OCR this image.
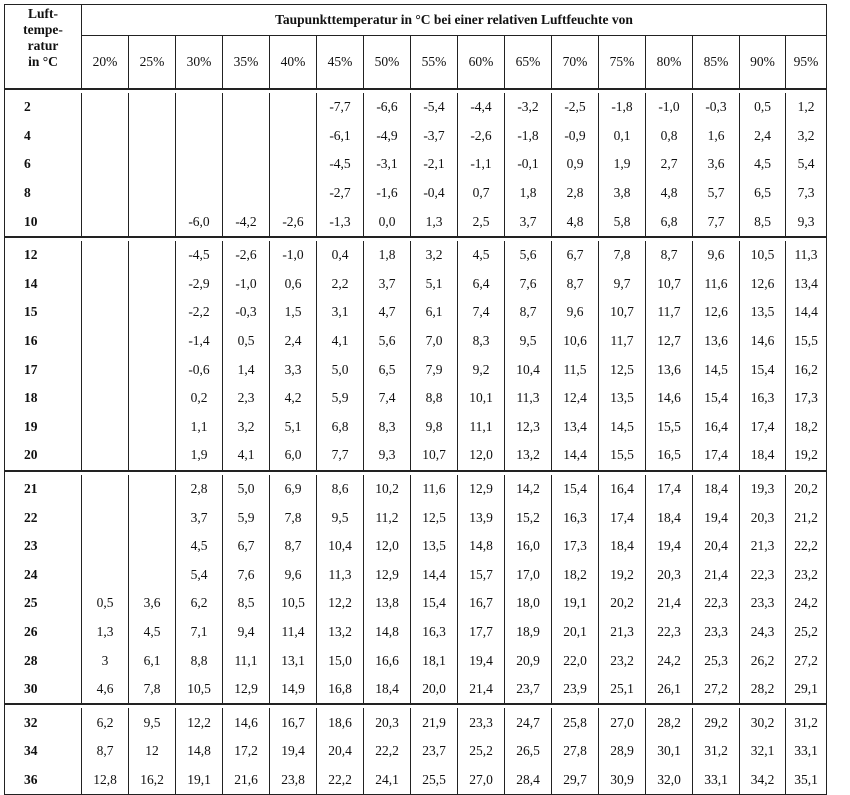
Luft-
tempe-
ratur
in °C	Taupunkttemperatur in °C bei einer relativen Luftfeuchte von															
	20%	25%	30%	35%	40%	45%	50%	55%	60%	65%	70%	75%	80%	85%	90%	95%

2						-7,7	-6,6	-5,4	-4,4	-3,2	-2,5	-1,8	-1,0	-0,3	0,5	1,2
4						-6,1	-4,9	-3,7	-2,6	-1,8	-0,9	0,1	0,8	1,6	2,4	3,2
6						-4,5	-3,1	-2,1	-1,1	-0,1	0,9	1,9	2,7	3,6	4,5	5,4
8						-2,7	-1,6	-0,4	0,7	1,8	2,8	3,8	4,8	5,7	6,5	7,3
10			-6,0	-4,2	-2,6	-1,3	0,0	1,3	2,5	3,7	4,8	5,8	6,8	7,7	8,5	9,3

12			-4,5	-2,6	-1,0	0,4	1,8	3,2	4,5	5,6	6,7	7,8	8,7	9,6	10,5	11,3
14			-2,9	-1,0	0,6	2,2	3,7	5,1	6,4	7,6	8,7	9,7	10,7	11,6	12,6	13,4
15			-2,2	-0,3	1,5	3,1	4,7	6,1	7,4	8,7	9,6	10,7	11,7	12,6	13,5	14,4
16			-1,4	0,5	2,4	4,1	5,6	7,0	8,3	9,5	10,6	11,7	12,7	13,6	14,6	15,5
17			-0,6	1,4	3,3	5,0	6,5	7,9	9,2	10,4	11,5	12,5	13,6	14,5	15,4	16,2
18			0,2	2,3	4,2	5,9	7,4	8,8	10,1	11,3	12,4	13,5	14,6	15,4	16,3	17,3
19			1,1	3,2	5,1	6,8	8,3	9,8	11,1	12,3	13,4	14,5	15,5	16,4	17,4	18,2
20			1,9	4,1	6,0	7,7	9,3	10,7	12,0	13,2	14,4	15,5	16,5	17,4	18,4	19,2

21			2,8	5,0	6,9	8,6	10,2	11,6	12,9	14,2	15,4	16,4	17,4	18,4	19,3	20,2
22			3,7	5,9	7,8	9,5	11,2	12,5	13,9	15,2	16,3	17,4	18,4	19,4	20,3	21,2
23			4,5	6,7	8,7	10,4	12,0	13,5	14,8	16,0	17,3	18,4	19,4	20,4	21,3	22,2
24			5,4	7,6	9,6	11,3	12,9	14,4	15,7	17,0	18,2	19,2	20,3	21,4	22,3	23,2
25	0,5	3,6	6,2	8,5	10,5	12,2	13,8	15,4	16,7	18,0	19,1	20,2	21,4	22,3	23,3	24,2
26	1,3	4,5	7,1	9,4	11,4	13,2	14,8	16,3	17,7	18,9	20,1	21,3	22,3	23,3	24,3	25,2
28	3	6,1	8,8	11,1	13,1	15,0	16,6	18,1	19,4	20,9	22,0	23,2	24,2	25,3	26,2	27,2
30	4,6	7,8	10,5	12,9	14,9	16,8	18,4	20,0	21,4	23,7	23,9	25,1	26,1	27,2	28,2	29,1

32	6,2	9,5	12,2	14,6	16,7	18,6	20,3	21,9	23,3	24,7	25,8	27,0	28,2	29,2	30,2	31,2
34	8,7	12	14,8	17,2	19,4	20,4	22,2	23,7	25,2	26,5	27,8	28,9	30,1	31,2	32,1	33,1
36	12,8	16,2	19,1	21,6	23,8	22,2	24,1	25,5	27,0	28,4	29,7	30,9	32,0	33,1	34,2	35,1
